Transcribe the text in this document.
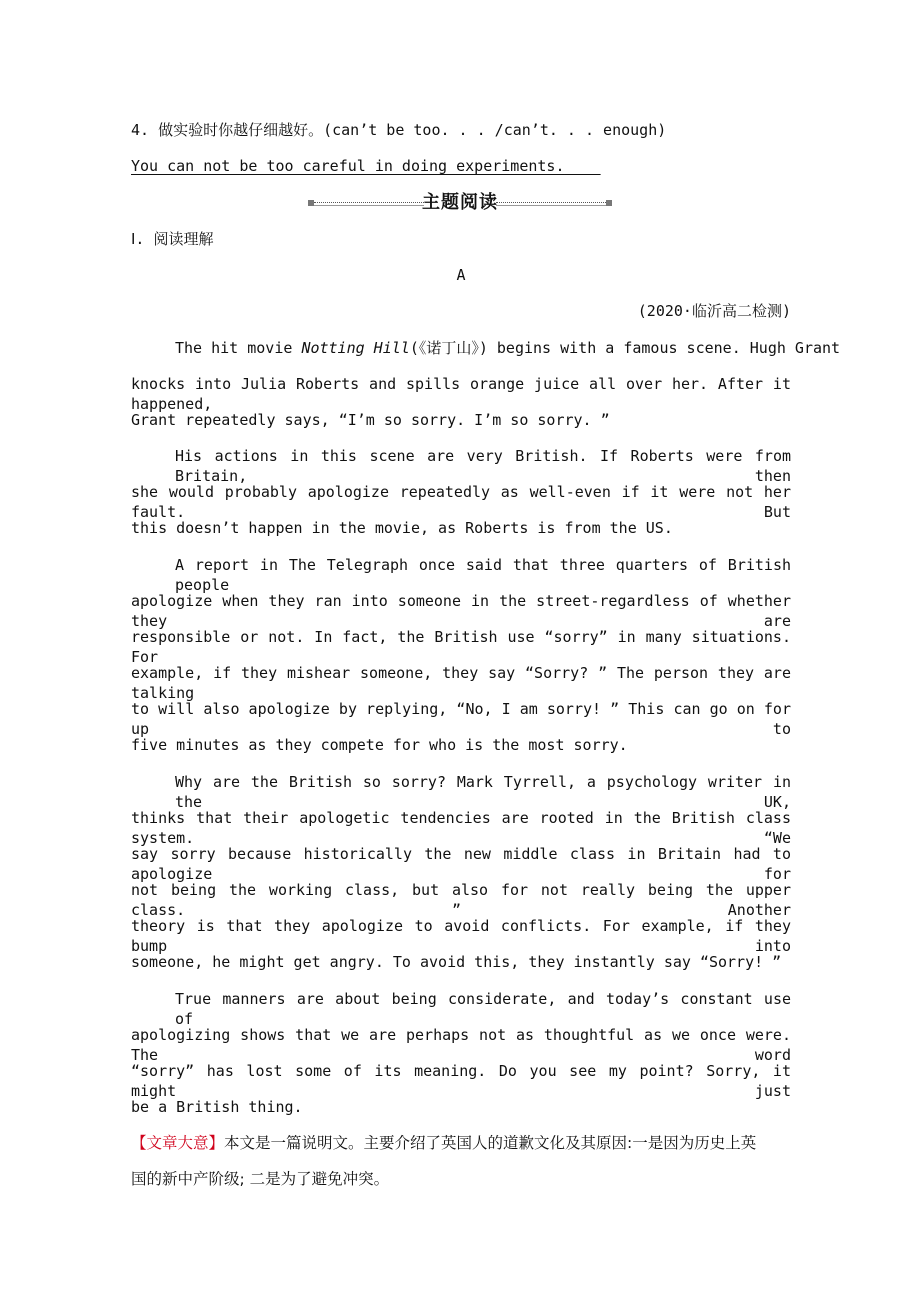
4. 做实验时你越仔细越好。(can’t be too. . . /can’t. . . enough)
You can not be too careful in doing experiments.
主题阅读
Ⅰ. 阅读理解
A
(2020·临沂高二检测)
The hit movie Notting Hill(《诺丁山》) begins with a famous scene. Hugh Grant
knocks into Julia Roberts and spills orange juice all over her. After it happened,
Grant repeatedly says, “I’m so sorry. I’m so sorry. ”
His actions in this scene are very British. If Roberts were from Britain, then
she would probably apologize repeatedly as well-even if it were not her fault. But
this doesn’t happen in the movie, as Roberts is from the US.
A report in The Telegraph once said that three quarters of British people
apologize when they ran into someone in the street-regardless of whether they are
responsible or not. In fact, the British use “sorry” in many situations. For
example, if they mishear someone, they say “Sorry? ” The person they are talking
to will also apologize by replying, “No, I am sorry! ” This can go on for up to
five minutes as they compete for who is the most sorry.
Why are the British so sorry? Mark Tyrrell, a psychology writer in the UK,
thinks that their apologetic tendencies are rooted in the British class system. “We
say sorry because historically the new middle class in Britain had to apologize for
not being the working class, but also for not really being the upper class. ” Another
theory is that they apologize to avoid conflicts. For example, if they bump into
someone, he might get angry. To avoid this, they instantly say “Sorry! ”
True manners are about being considerate, and today’s constant use of
apologizing shows that we are perhaps not as thoughtful as we once were. The word
“sorry” has lost some of its meaning. Do you see my point? Sorry, it might just
be a British thing.
【文章大意】本文是一篇说明文。主要介绍了英国人的道歉文化及其原因:一是因为历史上英
国的新中产阶级; 二是为了避免冲突。
